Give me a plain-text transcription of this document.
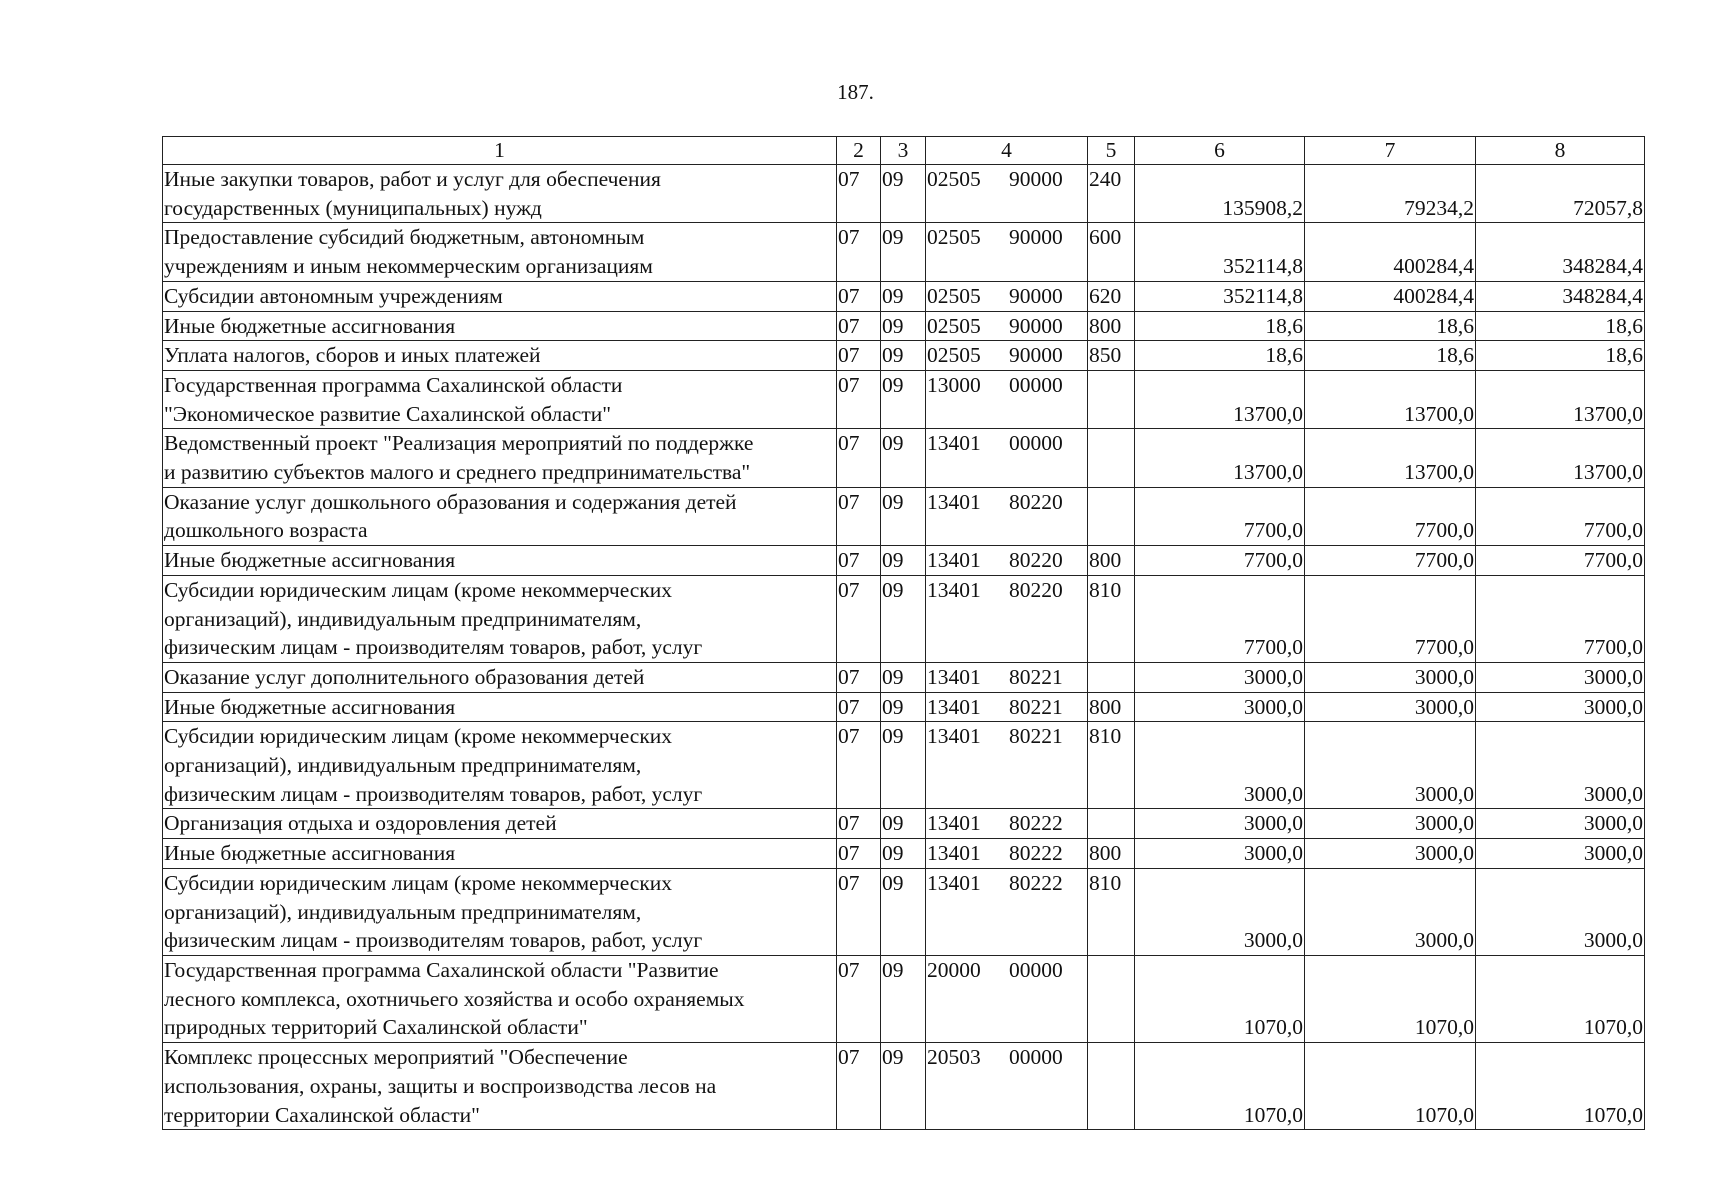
187.
1	2	3	4	5	6	7	8

Иные закупки товаров, работ и услуг для обеспечения
государственных (муниципальных) нужд	07	09	02505 90000	240	135908,2	79234,2	72057,8

Предоставление субсидий бюджетным, автономным
учреждениям и иным некоммерческим организациям	07	09	02505 90000	600	352114,8	400284,4	348284,4

Субсидии автономным учреждениям	07	09	02505 90000	620	352114,8	400284,4	348284,4

Иные бюджетные ассигнования	07	09	02505 90000	800	18,6	18,6	18,6

Уплата налогов, сборов и иных платежей	07	09	02505 90000	850	18,6	18,6	18,6

Государственная программа Сахалинской области
"Экономическое развитие Сахалинской области"	07	09	13000 00000		13700,0	13700,0	13700,0

Ведомственный проект "Реализация мероприятий по поддержке
и развитию субъектов малого и среднего предпринимательства"	07	09	13401 00000		13700,0	13700,0	13700,0

Оказание услуг дошкольного образования и содержания детей
дошкольного возраста	07	09	13401 80220		7700,0	7700,0	7700,0

Иные бюджетные ассигнования	07	09	13401 80220	800	7700,0	7700,0	7700,0

Субсидии юридическим лицам (кроме некоммерческих
организаций), индивидуальным предпринимателям,
физическим лицам - производителям товаров, работ, услуг	07	09	13401 80220	810	7700,0	7700,0	7700,0

Оказание услуг дополнительного образования детей	07	09	13401 80221		3000,0	3000,0	3000,0

Иные бюджетные ассигнования	07	09	13401 80221	800	3000,0	3000,0	3000,0

Субсидии юридическим лицам (кроме некоммерческих
организаций), индивидуальным предпринимателям,
физическим лицам - производителям товаров, работ, услуг	07	09	13401 80221	810	3000,0	3000,0	3000,0

Организация отдыха и оздоровления детей	07	09	13401 80222		3000,0	3000,0	3000,0

Иные бюджетные ассигнования	07	09	13401 80222	800	3000,0	3000,0	3000,0

Субсидии юридическим лицам (кроме некоммерческих
организаций), индивидуальным предпринимателям,
физическим лицам - производителям товаров, работ, услуг	07	09	13401 80222	810	3000,0	3000,0	3000,0

Государственная программа Сахалинской области "Развитие
лесного комплекса, охотничьего хозяйства и особо охраняемых
природных территорий Сахалинской области"	07	09	20000 00000		1070,0	1070,0	1070,0

Комплекс процессных мероприятий "Обеспечение
использования, охраны, защиты и воспроизводства лесов на
территории Сахалинской области"	07	09	20503 00000		1070,0	1070,0	1070,0
